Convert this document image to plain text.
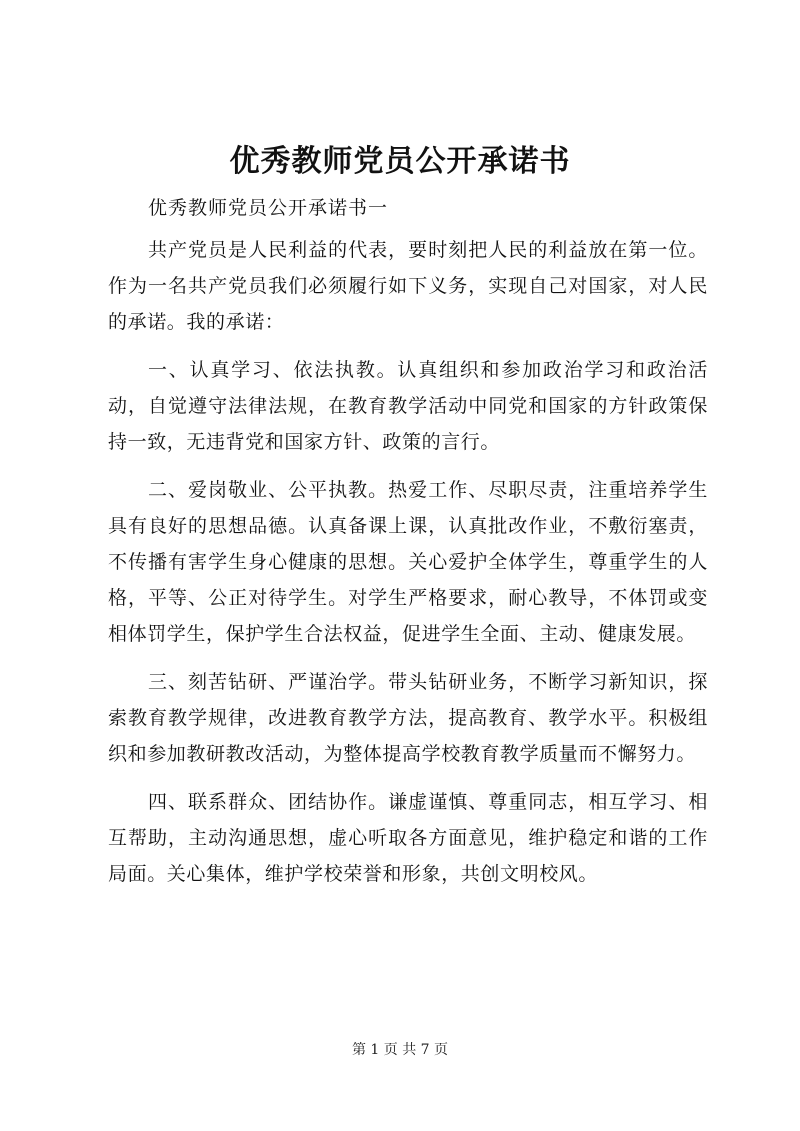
优秀教师党员公开承诺书
优秀教师党员公开承诺书一

共产党员是人民利益的代表，要时刻把人民的利益放在第一位。作为一名共产党员我们必须履行如下义务，实现自己对国家，对人民的承诺。我的承诺：

一、认真学习、依法执教。认真组织和参加政治学习和政治活动，自觉遵守法律法规，在教育教学活动中同党和国家的方针政策保持一致，无违背党和国家方针、政策的言行。

二、爱岗敬业、公平执教。热爱工作、尽职尽责，注重培养学生具有良好的思想品德。认真备课上课，认真批改作业，不敷衍塞责，不传播有害学生身心健康的思想。关心爱护全体学生，尊重学生的人格，平等、公正对待学生。对学生严格要求，耐心教导，不体罚或变相体罚学生，保护学生合法权益，促进学生全面、主动、健康发展。

三、刻苦钻研、严谨治学。带头钻研业务，不断学习新知识，探索教育教学规律，改进教育教学方法，提高教育、教学水平。积极组织和参加教研教改活动，为整体提高学校教育教学质量而不懈努力。

四、联系群众、团结协作。谦虚谨慎、尊重同志，相互学习、相互帮助，主动沟通思想，虚心听取各方面意见，维护稳定和谐的工作局面。关心集体，维护学校荣誉和形象，共创文明校风。

第 1 页 共 7 页
